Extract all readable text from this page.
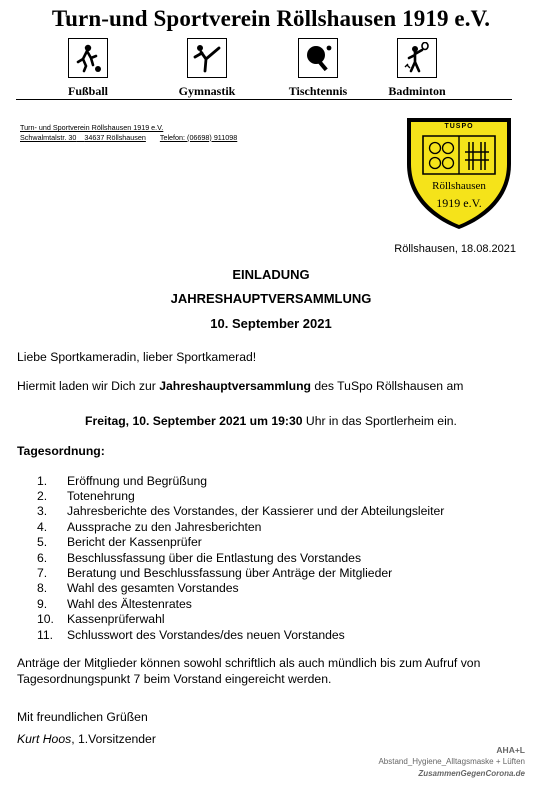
Turn-und Sportverein Röllshausen 1919 e.V.
Fußball	Gymnastik	Tischtennis	Badminton
Turn- und Sportverein Röllshausen 1919 e.V.
Schwalmtalstr. 30 34637 Röllshausen Telefon: (06698) 911098
TUSPO
Röllshausen
1919 e.V.
Röllshausen, 18.08.2021
EINLADUNG
JAHRESHAUPTVERSAMMLUNG
10. September 2021
Liebe Sportkameradin, lieber Sportkamerad!
Hiermit laden wir Dich zur Jahreshauptversammlung des TuSpo Röllshausen am
Freitag, 10. September 2021 um 19:30 Uhr in das Sportlerheim ein.
Tagesordnung:
1.	Eröffnung und Begrüßung
2.	Totenehrung
3.	Jahresberichte des Vorstandes, der Kassierer und der Abteilungsleiter
4.	Aussprache zu den Jahresberichten
5.	Bericht der Kassenprüfer
6.	Beschlussfassung über die Entlastung des Vorstandes
7.	Beratung und Beschlussfassung über Anträge der Mitglieder
8.	Wahl des gesamten Vorstandes
9.	Wahl des Ältestenrates
10.	Kassenprüferwahl
11.	Schlusswort des Vorstandes/des neuen Vorstandes
Anträge der Mitglieder können sowohl schriftlich als auch mündlich bis zum Aufruf von Tagesordnungspunkt 7 beim Vorstand eingereicht werden.
Mit freundlichen Grüßen
Kurt Hoos, 1.Vorsitzender
AHA+L
Abstand_Hygiene_Alltagsmaske + Lüften
ZusammenGegenCorona.de
